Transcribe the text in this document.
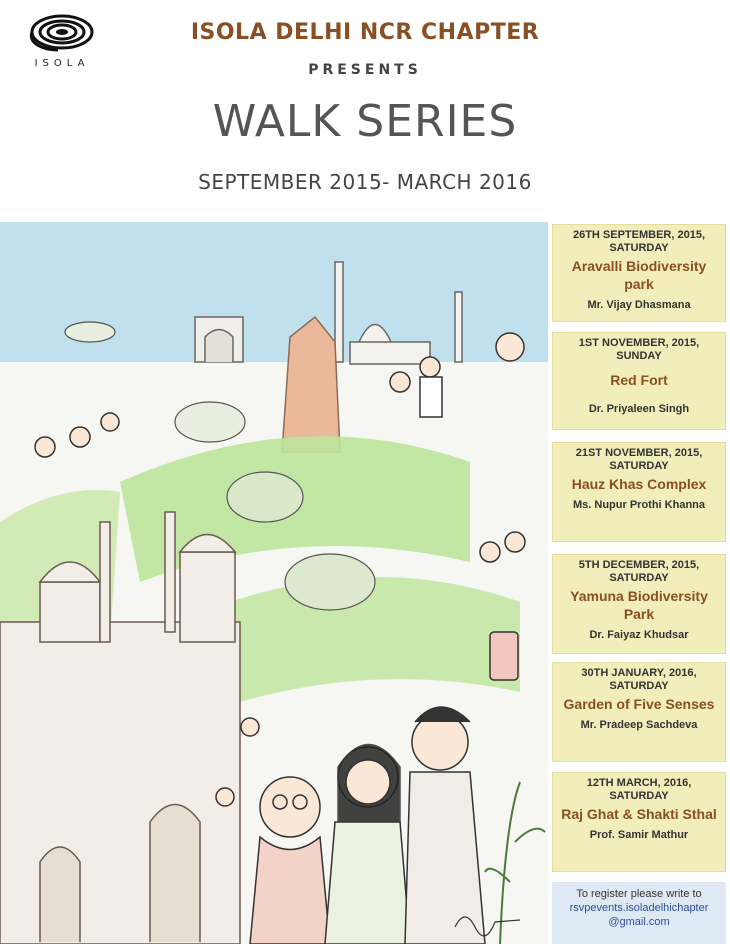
ISOLA
ISOLA DELHI NCR CHAPTER
PRESENTS
WALK SERIES
SEPTEMBER 2015- MARCH 2016
26TH SEPTEMBER, 2015,
SATURDAY
Aravalli Biodiversity park
Mr. Vijay Dhasmana
1ST NOVEMBER, 2015,
SUNDAY
Red Fort
Dr. Priyaleen Singh
21ST NOVEMBER, 2015,
SATURDAY
Hauz Khas Complex
Ms. Nupur Prothi Khanna
5TH DECEMBER, 2015,
SATURDAY
Yamuna Biodiversity Park
Dr. Faiyaz Khudsar
30TH JANUARY, 2016,
SATURDAY
Garden of Five Senses
Mr. Pradeep Sachdeva
12TH MARCH, 2016,
SATURDAY
Raj Ghat & Shakti Sthal
Prof. Samir Mathur
To register please write to
rsvpevents.isoladelhichapter
@gmail.com
